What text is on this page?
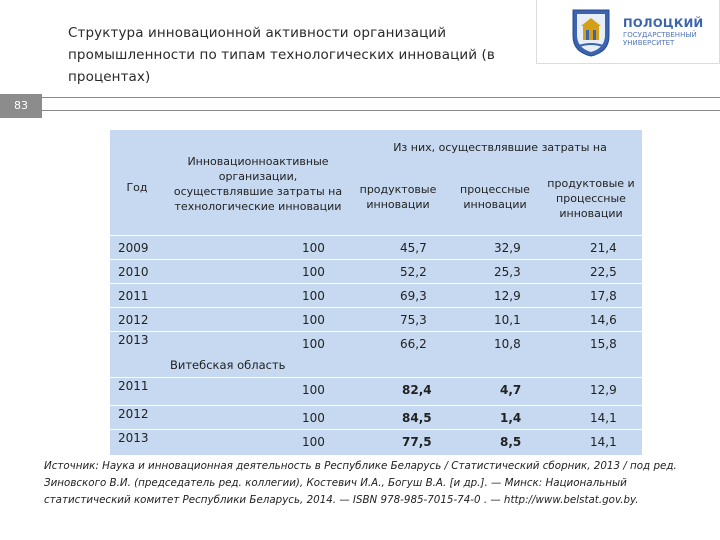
Структура инновационной активности организаций промышленности по типам технологических инноваций (в процентах)
ПОЛОЦКИЙ
ГОСУДАРСТВЕННЫЙ УНИВЕРСИТЕТ
83
Год
Инновационноактивные организации, осуществлявшие затраты на технологические инновации
Из них, осуществлявшие затраты на
продуктовые инновации
процессные инновации
продуктовые и процессные инновации
2009	100	45,7	32,9	21,4
2010	100	52,2	25,3	22,5
2011	100	69,3	12,9	17,8
2012	100	75,3	10,1	14,6
2013	100	66,2	10,8	15,8
Витебская область
2011	100	82,4	4,7	12,9
2012	100	84,5	1,4	14,1
2013	100	77,5	8,5	14,1
Источник: Наука и инновационная деятельность в Республике Беларусь / Статистический сборник, 2013 / под ред. Зиновского В.И. (председатель ред. коллегии), Костевич И.А., Богуш В.А. [и др.]. — Минск: Национальный статистический комитет Республики Беларусь, 2014. — ISBN 978-985-7015-74-0 . — http://www.belstat.gov.by.
